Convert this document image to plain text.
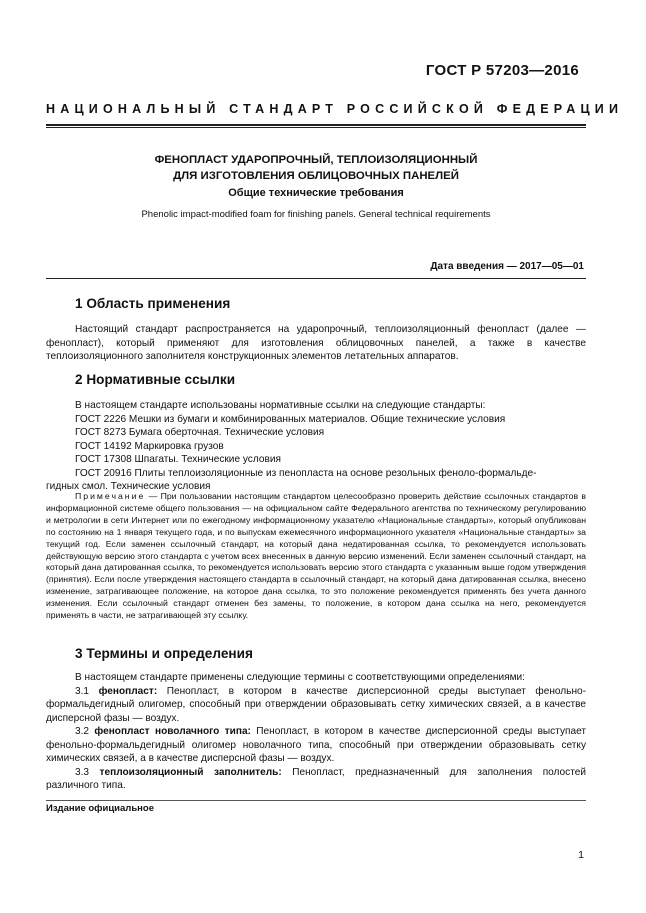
ГОСТ Р 57203—2016
НАЦИОНАЛЬНЫЙ СТАНДАРТ РОССИЙСКОЙ ФЕДЕРАЦИИ
ФЕНОПЛАСТ УДАРОПРОЧНЫЙ, ТЕПЛОИЗОЛЯЦИОННЫЙ
ДЛЯ ИЗГОТОВЛЕНИЯ ОБЛИЦОВОЧНЫХ ПАНЕЛЕЙ
Общие технические требования
Phenolic impact-modified foam for finishing panels. General technical requirements
Дата введения — 2017—05—01
1 Область применения

Настоящий стандарт распространяется на ударопрочный, теплоизоляционный фенопласт (далее — фенопласт), который применяют для изготовления облицовочных панелей, а также в качестве теплоизоляционного заполнителя конструкционных элементов летательных аппаратов.

2 Нормативные ссылки

В настоящем стандарте использованы нормативные ссылки на следующие стандарты:

ГОСТ 2226 Мешки из бумаги и комбинированных материалов. Общие технические условия

ГОСТ 8273 Бумага оберточная. Технические условия

ГОСТ 14192 Маркировка грузов

ГОСТ 17308 Шпагаты. Технические условия

ГОСТ 20916 Плиты теплоизоляционные из пенопласта на основе резольных феноло-формальде-

гидных смол. Технические условия

Примечание — При пользовании настоящим стандартом целесообразно проверить действие ссылочных стандартов в информационной системе общего пользования — на официальном сайте Федерального агентства по техническому регулированию и метрологии в сети Интернет или по ежегодному информационному указателю «Национальные стандарты», который опубликован по состоянию на 1 января текущего года, и по выпускам ежемесячного информационного указателя «Национальные стандарты» за текущий год. Если заменен ссылочный стандарт, на который дана недатированная ссылка, то рекомендуется использовать действующую версию этого стандарта с учетом всех внесенных в данную версию изменений. Если заменен ссылочный стандарт, на который дана датированная ссылка, то рекомендуется использовать версию этого стандарта с указанным выше годом утверждения (принятия). Если после утверждения настоящего стандарта в ссылочный стандарт, на который дана датированная ссылка, внесено изменение, затрагивающее положение, на которое дана ссылка, то это положение рекомендуется применять без учета данного изменения. Если ссылочный стандарт отменен без замены, то положение, в котором дана ссылка на него, рекомендуется применять в части, не затрагивающей эту ссылку.

3 Термины и определения

В настоящем стандарте применены следующие термины с соответствующими определениями:

3.1 фенопласт: Пенопласт, в котором в качестве дисперсионной среды выступает фенольно-формальдегидный олигомер, способный при отверждении образовывать сетку химических связей, а в качестве дисперсной фазы — воздух.

3.2 фенопласт новолачного типа: Пенопласт, в котором в качестве дисперсионной среды выступает фенольно-формальдегидный олигомер новолачного типа, способный при отверждении образовывать сетку химических связей, а в качестве дисперсной фазы — воздух.

3.3 теплоизоляционный заполнитель: Пенопласт, предназначенный для заполнения полостей различного типа.

Издание официальное
1
